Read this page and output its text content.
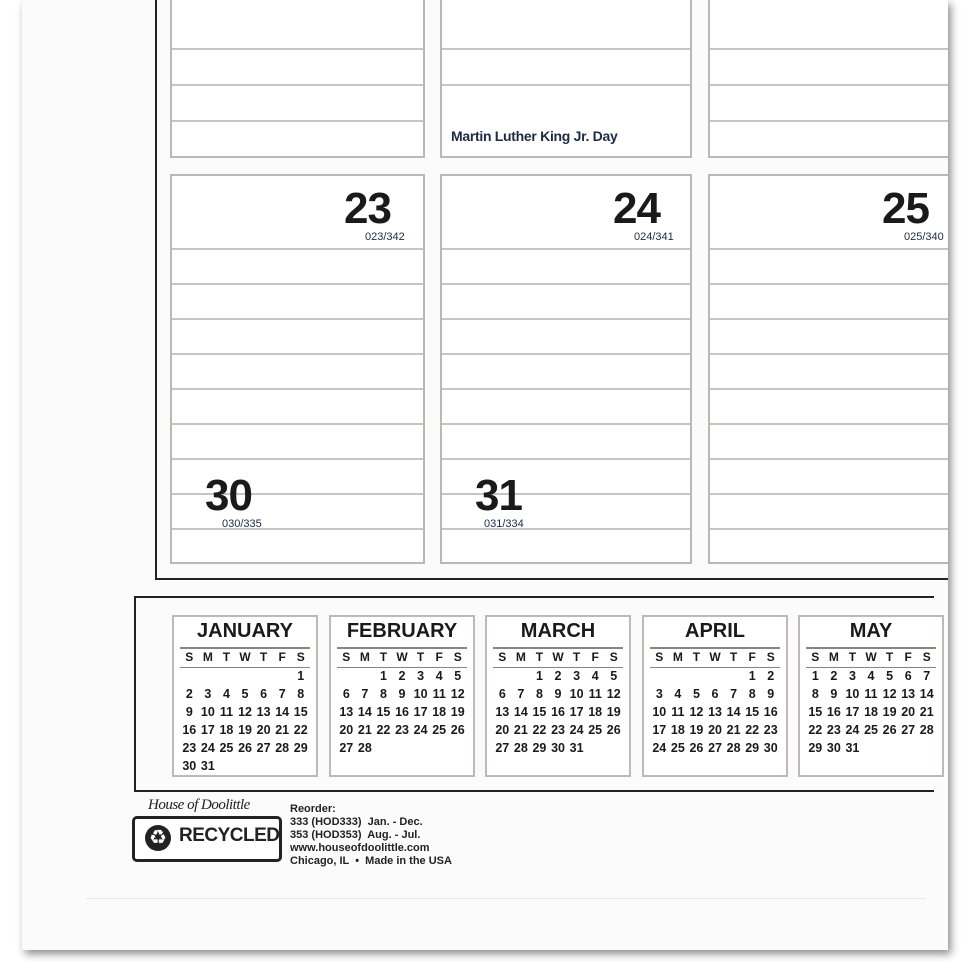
Martin Luther King Jr. Day
23
023/342
30
030/335
24
024/341
31
031/334
25
025/340
JANUARY
S M T W T F S
1
2 3 4 5 6 7 8
9 10 11 12 13 14 15
16 17 18 19 20 21 22
23 24 25 26 27 28 29
30 31
FEBRUARY
S M T W T F S
1 2 3 4 5
6 7 8 9 10 11 12
13 14 15 16 17 18 19
20 21 22 23 24 25 26
27 28
MARCH
S M T W T F S
1 2 3 4 5
6 7 8 9 10 11 12
13 14 15 16 17 18 19
20 21 22 23 24 25 26
27 28 29 30 31
APRIL
S M T W T F S
1 2
3 4 5 6 7 8 9
10 11 12 13 14 15 16
17 18 19 20 21 22 23
24 25 26 27 28 29 30
MAY
S M T W T F S
1 2 3 4 5 6 7
8 9 10 11 12 13 14
15 16 17 18 19 20 21
22 23 24 25 26 27 28
29 30 31
House of Doolittle
♻ RECYCLED
Reorder:
333 (HOD333)  Jan. - Dec.
353 (HOD353)  Aug. - Jul.
www.houseofdoolittle.com
Chicago, IL  •  Made in the USA
